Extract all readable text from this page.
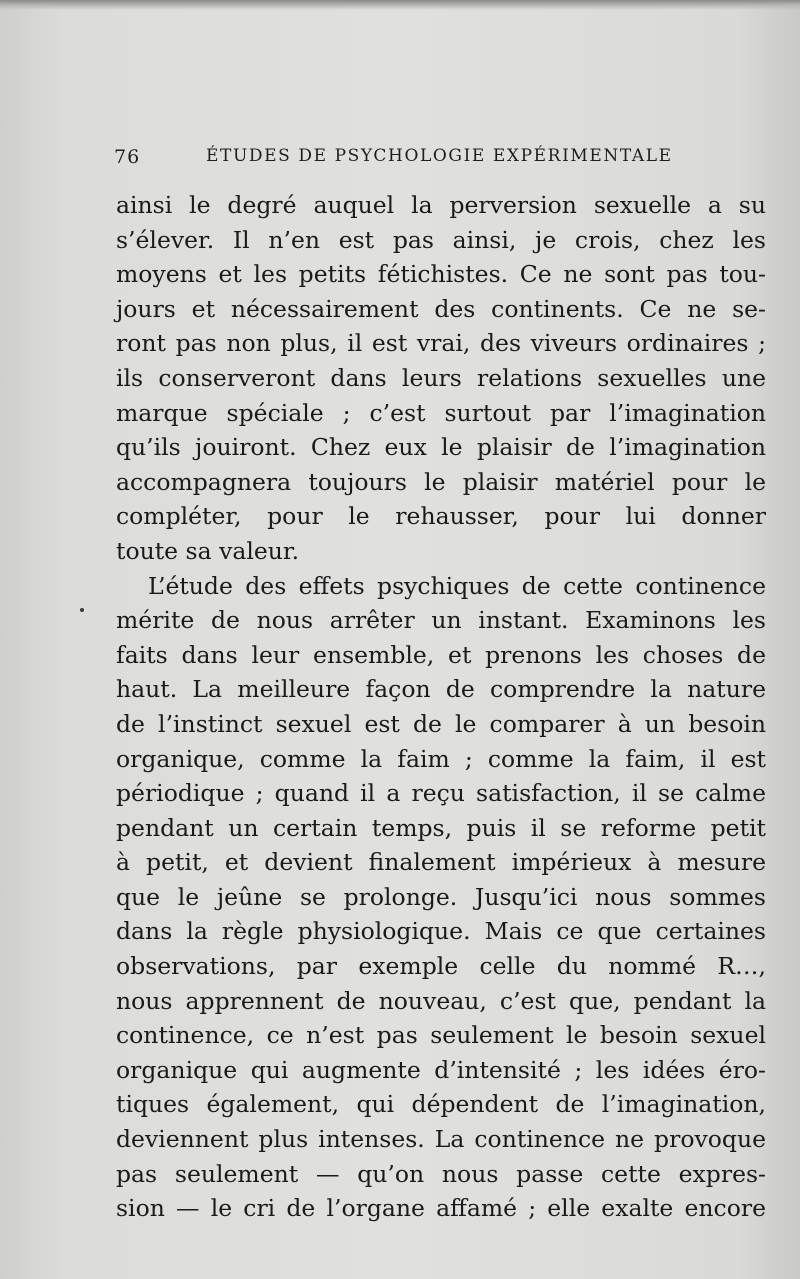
76	ÉTUDES DE PSYCHOLOGIE EXPÉRIMENTALE
ainsi le degré auquel la perversion sexuelle a su
s’élever. Il n’en est pas ainsi, je crois, chez les
moyens et les petits fétichistes. Ce ne sont pas tou-
jours et nécessairement des continents. Ce ne se-
ront pas non plus, il est vrai, des viveurs ordinaires ;
ils conserveront dans leurs relations sexuelles une
marque spéciale ; c’est surtout par l’imagination
qu’ils jouiront. Chez eux le plaisir de l’imagination
accompagnera toujours le plaisir matériel pour le
compléter, pour le rehausser, pour lui donner
toute sa valeur.
L’étude des effets psychiques de cette continence
mérite de nous arrêter un instant. Examinons les
faits dans leur ensemble, et prenons les choses de
haut. La meilleure façon de comprendre la nature
de l’instinct sexuel est de le comparer à un besoin
organique, comme la faim ; comme la faim, il est
périodique ; quand il a reçu satisfaction, il se calme
pendant un certain temps, puis il se reforme petit
à petit, et devient finalement impérieux à mesure
que le jeûne se prolonge. Jusqu’ici nous sommes
dans la règle physiologique. Mais ce que certaines
observations, par exemple celle du nommé R…,
nous apprennent de nouveau, c’est que, pendant la
continence, ce n’est pas seulement le besoin sexuel
organique qui augmente d’intensité ; les idées éro-
tiques également, qui dépendent de l’imagination,
deviennent plus intenses. La continence ne provoque
pas seulement — qu’on nous passe cette expres-
sion — le cri de l’organe affamé ; elle exalte encore
